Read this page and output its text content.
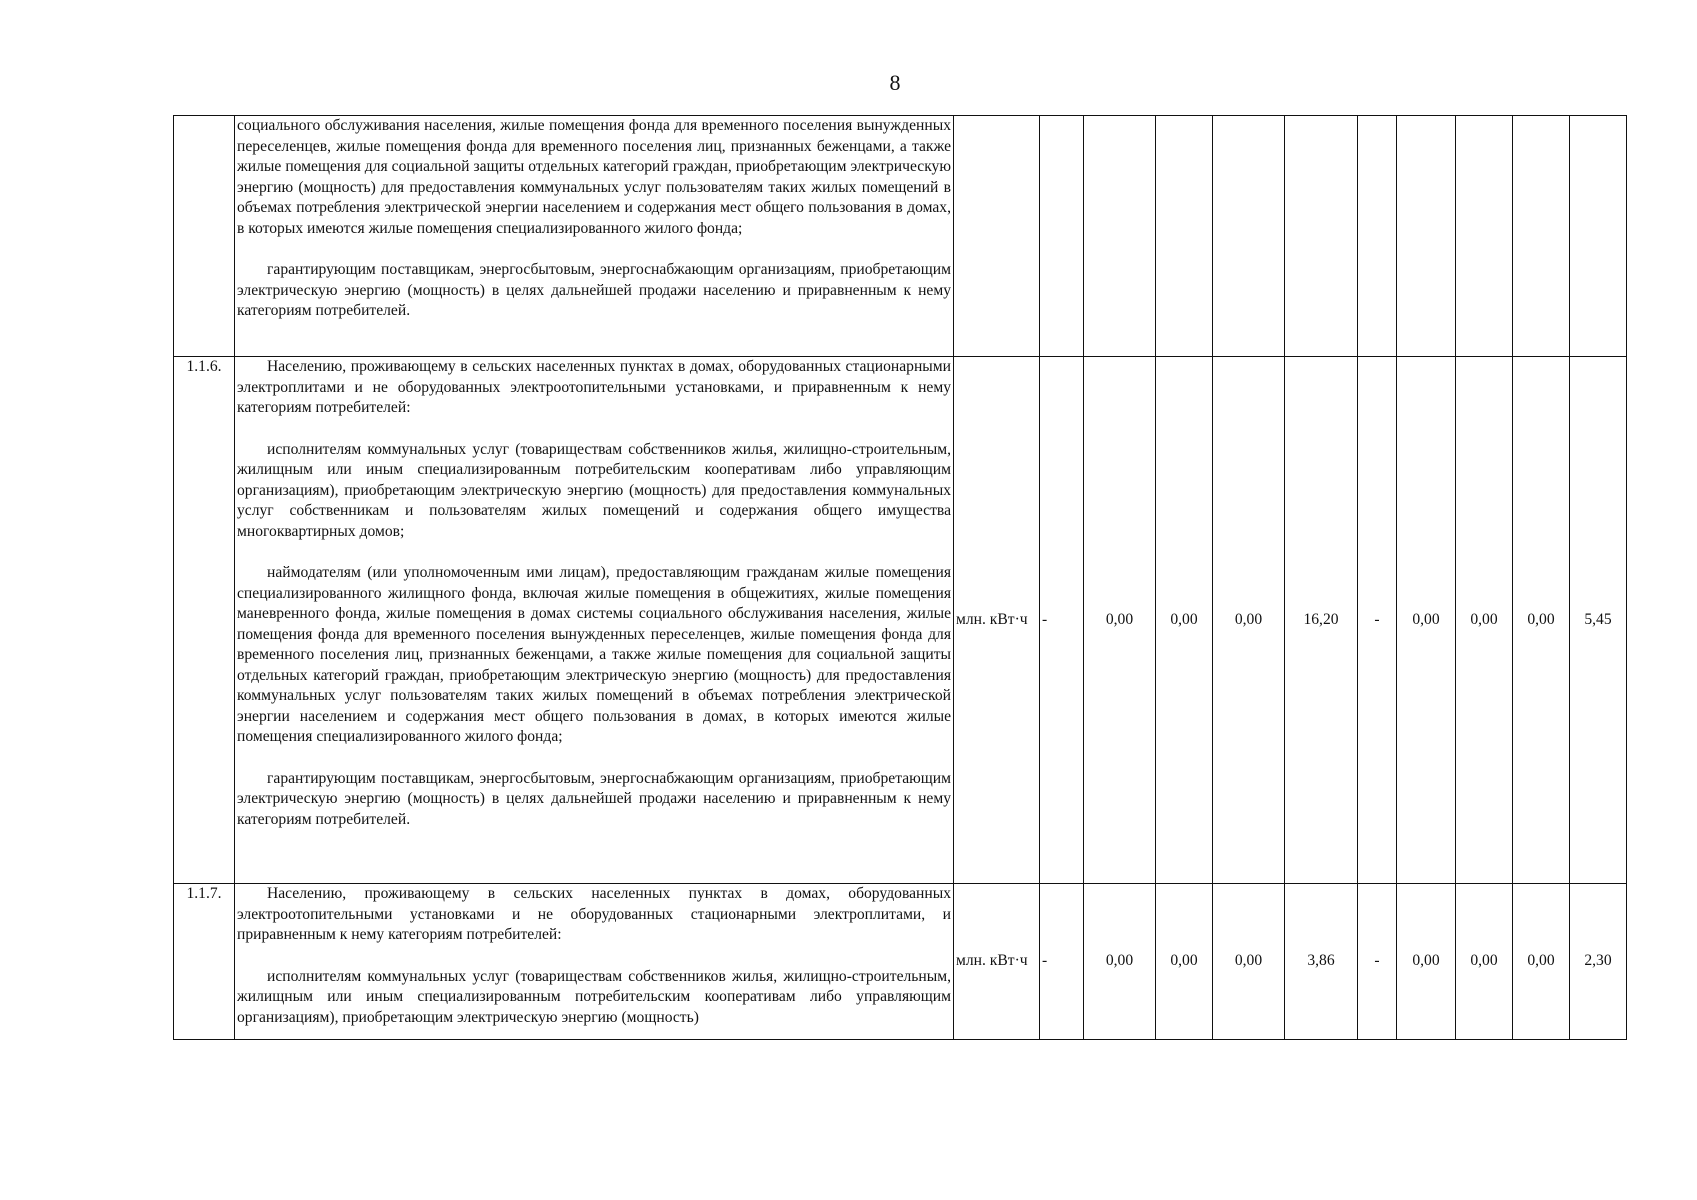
8

	социального обслуживания населения, жилые помещения фонда для временного поселения вынужденных переселенцев, жилые помещения фонда для временного поселения лиц, признанных беженцами, а также жилые помещения для социальной защиты отдельных категорий граждан, приобретающим электрическую энергию (мощность) для предоставления коммунальных услуг пользователям таких жилых помещений в объемах потребления электрической энергии населением и содержания мест общего пользования в домах, в которых имеются жилые помещения специализированного жилого фонда;

гарантирующим поставщикам, энергосбытовым, энергоснабжающим организациям, приобретающим электрическую энергию (мощность) в целях дальнейшей продажи населению и приравненным к нему категориям потребителей.											

1.1.6.	Населению, проживающему в сельских населенных пунктах в домах, оборудованных стационарными электроплитами и не оборудованных электроотопительными установками, и приравненным к нему категориям потребителей:

исполнителям коммунальных услуг (товариществам собственников жилья, жилищно-строительным, жилищным или иным специализированным потребительским кооперативам либо управляющим организациям), приобретающим электрическую энергию (мощность) для предоставления коммунальных услуг собственникам и пользователям жилых помещений и содержания общего имущества многоквартирных домов;

наймодателям (или уполномоченным ими лицам), предоставляющим гражданам жилые помещения специализированного жилищного фонда, включая жилые помещения в общежитиях, жилые помещения маневренного фонда, жилые помещения в домах системы социального обслуживания населения, жилые помещения фонда для временного поселения вынужденных переселенцев, жилые помещения фонда для временного поселения лиц, признанных беженцами, а также жилые помещения для социальной защиты отдельных категорий граждан, приобретающим электрическую энергию (мощность) для предоставления коммунальных услуг пользователям таких жилых помещений в объемах потребления электрической энергии населением и содержания мест общего пользования в домах, в которых имеются жилые помещения специализированного жилого фонда;

гарантирующим поставщикам, энергосбытовым, энергоснабжающим организациям, приобретающим электрическую энергию (мощность) в целях дальнейшей продажи населению и приравненным к нему категориям потребителей.	млн. кВт·ч	-	0,00	0,00	0,00	16,20	-	0,00	0,00	0,00	5,45
1.1.7.	Населению, проживающему в сельских населенных пунктах в домах, оборудованных электроотопительными установками и не оборудованных стационарными электроплитами, и приравненным к нему категориям потребителей:

исполнителям коммунальных услуг (товариществам собственников жилья, жилищно-строительным, жилищным или иным специализированным потребительским кооперативам либо управляющим организациям), приобретающим электрическую энергию (мощность)	млн. кВт·ч	-	0,00	0,00	0,00	3,86	-	0,00	0,00	0,00	2,30
